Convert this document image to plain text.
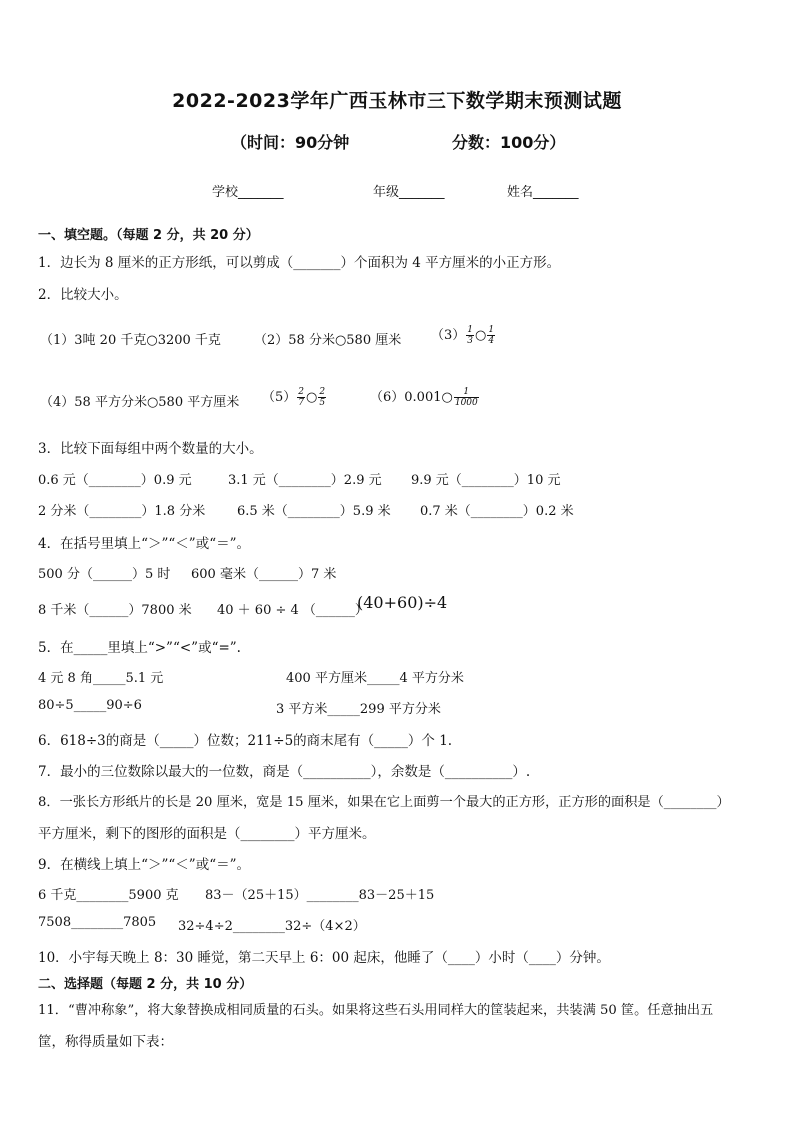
2022-2023学年广西玉林市三下数学期末预测试题
（时间：90分钟	分数：100分）
学校_______	年级_______	姓名_______
一、填空题。（每题 2 分，共 20 分）
1．边长为 8 厘米的正方形纸，可以剪成（_______）个面积为 4 平方厘米的小正方形。
2．比较大小。
（1）3吨 20 千克○3200 千克	（2）58 分米○580 厘米 $(3) \frac{1}{3}$ ○ $\frac{1}{4}$
（4）58 平方分米○580 平方厘米 $(5) \frac{2}{7}$ ○ $\frac{2}{5}$	（6）0.001○ $\frac{1}{1000}$
3．比较下面每组中两个数量的大小。
0.6 元（________）0.9 元	3.1 元（________）2.9 元 9.9 元（________）10 元
2 分米（________）1.8 分米 6.5 米（________）5.9 米 0.7 米（________）0.2 米
4．在括号里填上“＞”“＜”或“＝”。
500 分（______）5 时 600 毫米（______）7 米
8 千米（______）7800 米 40 ＋ 60 ÷ 4 （______）
(40+60)÷4
5．在_____里填上“>”“<”或“=”.
4 元 8 角_____5.1 元	400 平方厘米_____4 平方分米
80÷5_____90÷6	3 平方米_____299 平方分米
6．618÷3的商是（_____）位数；211÷5的商末尾有（_____）个 1.
7．最小的三位数除以最大的一位数，商是（__________），余数是（__________）.
8．一张长方形纸片的长是 20 厘米，宽是 15 厘米，如果在它上面剪一个最大的正方形，正方形的面积是（________）
平方厘米，剩下的图形的面积是（________）平方厘米。
9．在横线上填上“＞”“＜”或“＝”。
6 千克________5900 克 83－（25＋15）________83－25＋15
7508________7805 32÷4÷2________32÷（4×2）
10．小宇每天晚上 8：30 睡觉，第二天早上 6：00 起床，他睡了（____）小时（____）分钟。
二、选择题（每题 2 分，共 10 分）
11．“曹冲称象”，将大象替换成相同质量的石头。如果将这些石头用同样大的筐装起来，共装满 50 筐。任意抽出五
筐，称得质量如下表：
